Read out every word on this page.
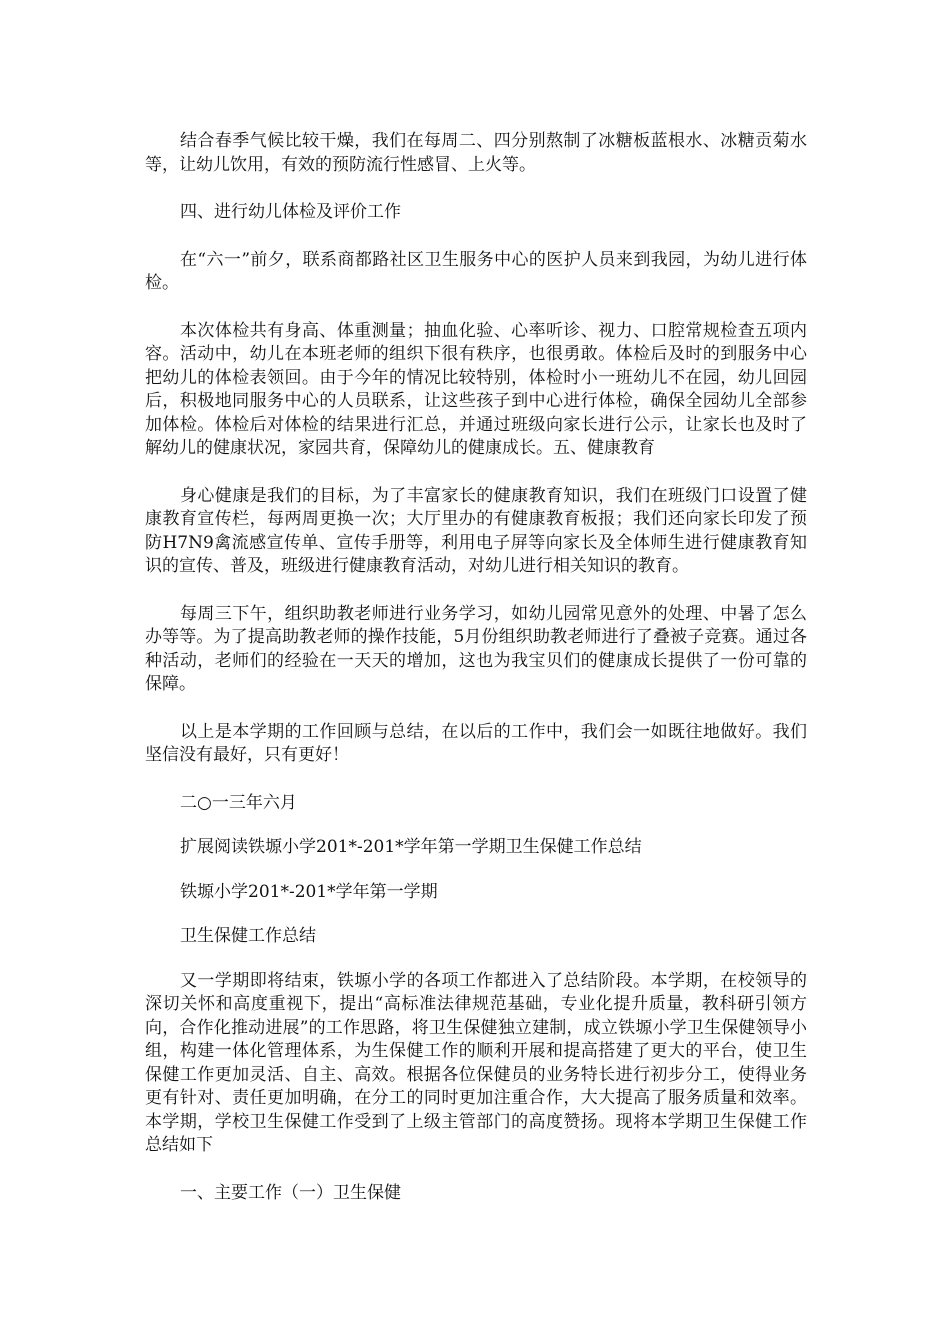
结合春季气候比较干燥，我们在每周二、四分别熬制了冰糖板蓝根水、冰糖贡菊水等，让幼儿饮用，有效的预防流行性感冒、上火等。

四、进行幼儿体检及评价工作

在“六一”前夕，联系商都路社区卫生服务中心的医护人员来到我园，为幼儿进行体检。

本次体检共有身高、体重测量；抽血化验、心率听诊、视力、口腔常规检查五项内容。活动中，幼儿在本班老师的组织下很有秩序，也很勇敢。体检后及时的到服务中心把幼儿的体检表领回。由于今年的情况比较特别，体检时小一班幼儿不在园，幼儿回园后，积极地同服务中心的人员联系，让这些孩子到中心进行体检，确保全园幼儿全部参加体检。体检后对体检的结果进行汇总，并通过班级向家长进行公示，让家长也及时了解幼儿的健康状况，家园共育，保障幼儿的健康成长。五、健康教育

身心健康是我们的目标，为了丰富家长的健康教育知识，我们在班级门口设置了健康教育宣传栏，每两周更换一次；大厅里办的有健康教育板报；我们还向家长印发了预防H7N9禽流感宣传单、宣传手册等，利用电子屏等向家长及全体师生进行健康教育知识的宣传、普及，班级进行健康教育活动，对幼儿进行相关知识的教育。

每周三下午，组织助教老师进行业务学习，如幼儿园常见意外的处理、中暑了怎么办等等。为了提高助教老师的操作技能，5月份组织助教老师进行了叠被子竞赛。通过各种活动，老师们的经验在一天天的增加，这也为我宝贝们的健康成长提供了一份可靠的保障。

以上是本学期的工作回顾与总结，在以后的工作中，我们会一如既往地做好。我们坚信没有最好，只有更好！

二○一三年六月

扩展阅读铁塬小学201*-201*学年第一学期卫生保健工作总结

铁塬小学201*-201*学年第一学期

卫生保健工作总结

又一学期即将结束，铁塬小学的各项工作都进入了总结阶段。本学期，在校领导的深切关怀和高度重视下，提出“高标准法律规范基础，专业化提升质量，教科研引领方向，合作化推动进展”的工作思路，将卫生保健独立建制，成立铁塬小学卫生保健领导小组，构建一体化管理体系，为生保健工作的顺利开展和提高搭建了更大的平台，使卫生保健工作更加灵活、自主、高效。根据各位保健员的业务特长进行初步分工，使得业务更有针对、责任更加明确，在分工的同时更加注重合作，大大提高了服务质量和效率。本学期，学校卫生保健工作受到了上级主管部门的高度赞扬。现将本学期卫生保健工作总结如下

一、主要工作（一）卫生保健
